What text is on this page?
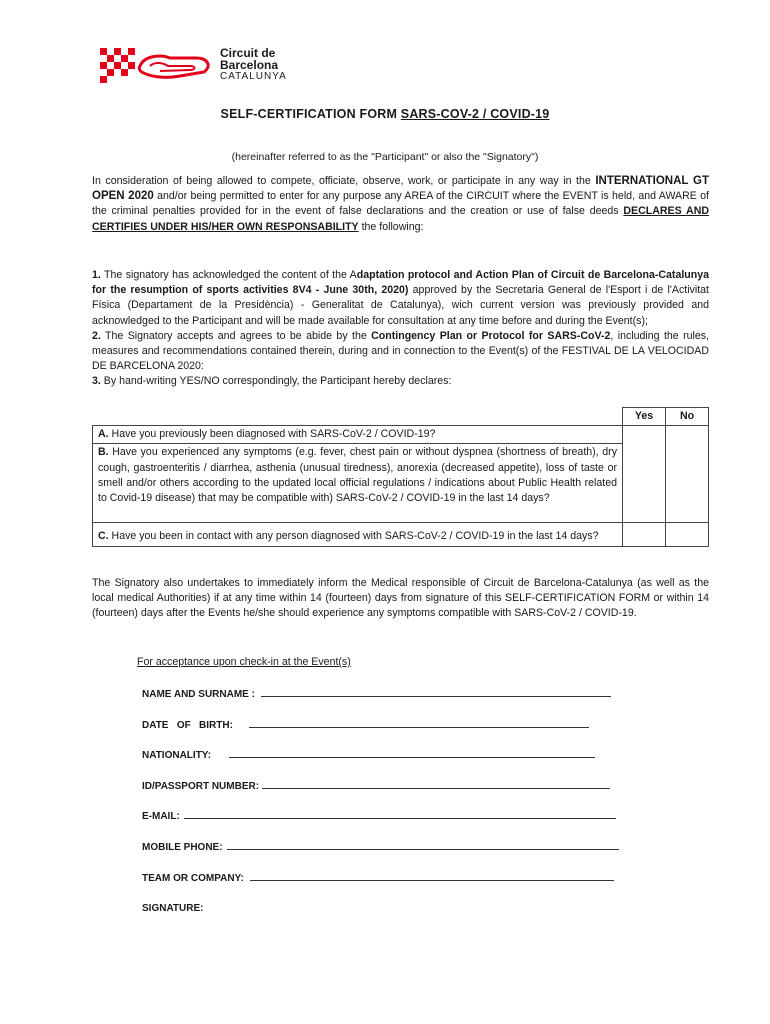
Circuit de
Barcelona
CATALUNYA
SELF-CERTIFICATION FORM SARS-COV-2 / COVID-19
(hereinafter referred to as the "Participant" or also the "Signatory")
In consideration of being allowed to compete, officiate, observe, work, or participate in any way in the INTERNATIONAL GT OPEN 2020 and/or being permitted to enter for any purpose any AREA of the CIRCUIT where the EVENT is held, and AWARE of the criminal penalties provided for in the event of false declarations and the creation or use of false deeds DECLARES AND CERTIFIES UNDER HIS/HER OWN RESPONSABILITY the following:
1. The signatory has acknowledged the content of the Adaptation protocol and Action Plan of Circuit de Barcelona-Catalunya for the resumption of sports activities 8V4 - June 30th, 2020) approved by the Secretaria General de l'Esport i de l'Activitat Física (Departament de la Presidència) - Generalitat de Catalunya), wich current version was previously provided and acknowledged to the Participant and will be made available for consultation at any time before and during the Event(s);
2. The Signatory accepts and agrees to be abide by the Contingency Plan or Protocol for SARS-CoV-2, including the rules, measures and recommendations contained therein, during and in connection to the Event(s) of the FESTIVAL DE LA VELOCIDAD DE BARCELONA 2020:
3. By hand-writing YES/NO correspondingly, the Participant hereby declares:
	Yes	No
A. Have you previously been diagnosed with SARS-CoV-2 / COVID-19?		
B. Have you experienced any symptoms (e.g. fever, chest pain or without dyspnea (shortness of breath), dry cough, gastroenteritis / diarrhea, asthenia (unusual tiredness), anorexia (decreased appetite), loss of taste or smell and/or others according to the updated local official regulations / indications about Public Health related to Covid-19 disease) that may be compatible with) SARS-CoV-2 / COVID-19 in the last 14 days?		
C. Have you been in contact with any person diagnosed with SARS-CoV-2 / COVID-19 in the last 14 days?		
The Signatory also undertakes to immediately inform the Medical responsible of Circuit de Barcelona-Catalunya (as well as the local medical Authorities) if at any time within 14 (fourteen) days from signature of this SELF-CERTIFICATION FORM or within 14 (fourteen) days after the Events he/she should experience any symptoms compatible with SARS-CoV-2 / COVID-19.
For acceptance upon check-in at the Event(s)
NAME AND SURNAME :
DATE   OF   BIRTH:
NATIONALITY:
ID/PASSPORT NUMBER:
E-MAIL:
MOBILE PHONE:
TEAM OR COMPANY:
SIGNATURE:
